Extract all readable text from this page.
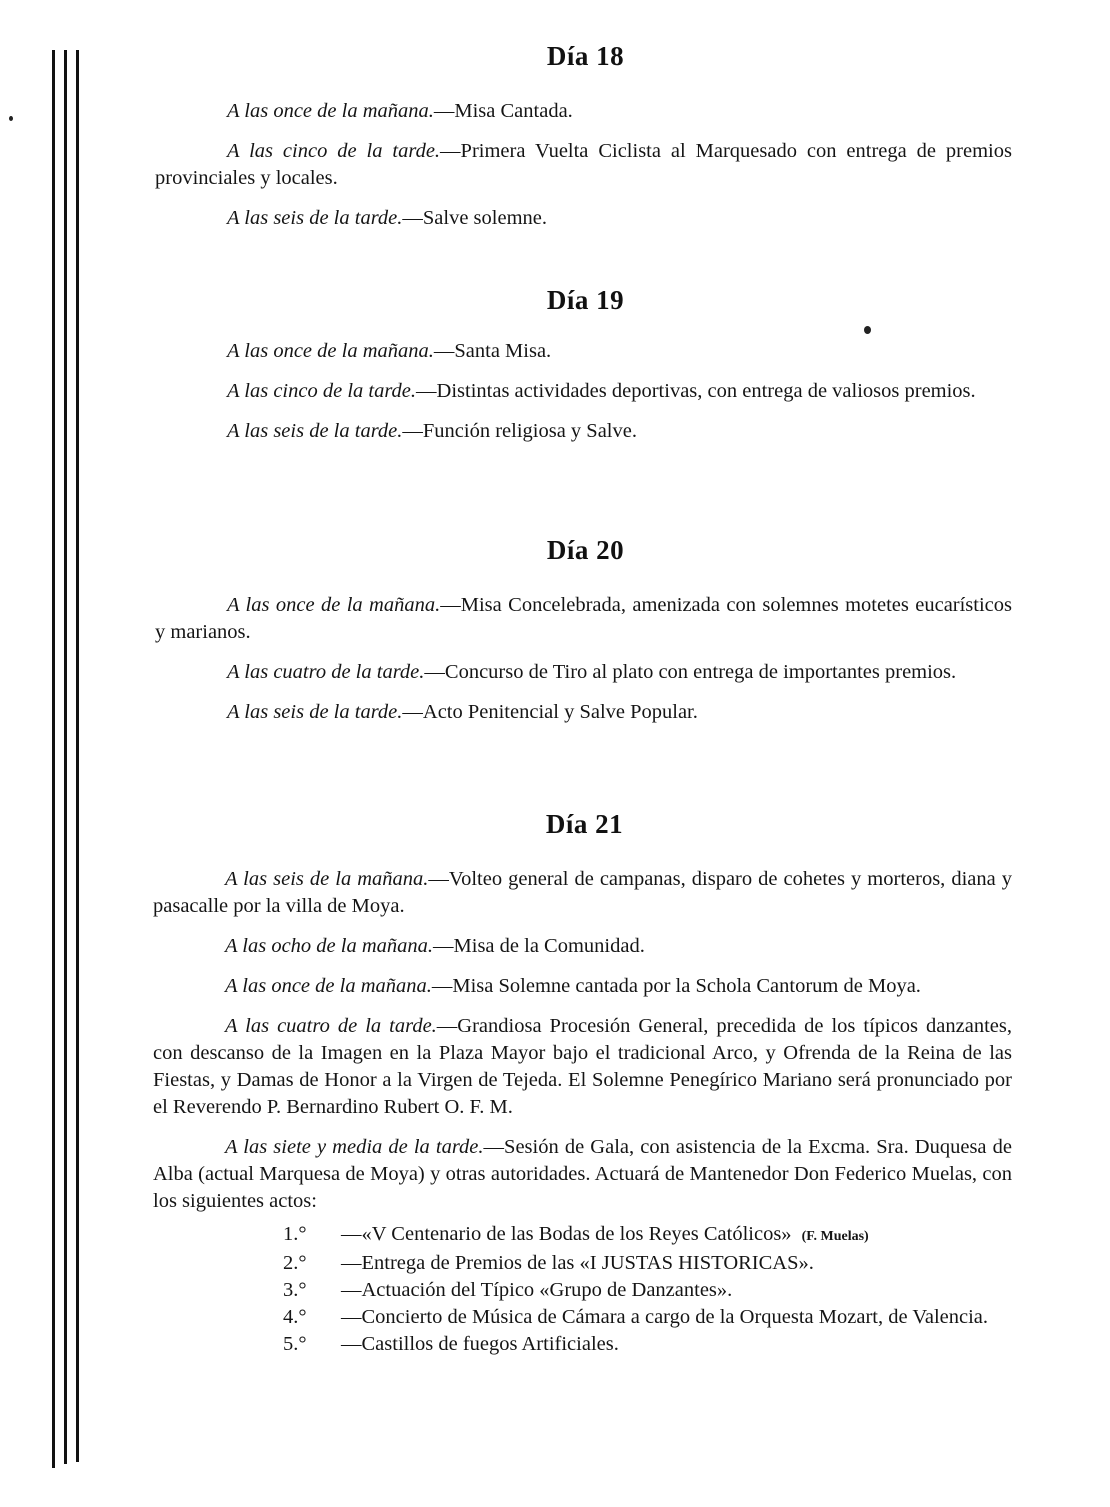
Día 18

A las once de la mañana.—Misa Cantada.

A las cinco de la tarde.—Primera Vuelta Ciclista al Marquesado con entrega de premios provinciales y locales.

A las seis de la tarde.—Salve solemne.

Día 19

A las once de la mañana.—Santa Misa.

A las cinco de la tarde.—Distintas actividades deportivas, con entrega de valiosos premios.

A las seis de la tarde.—Función religiosa y Salve.

Día 20

A las once de la mañana.—Misa Concelebrada, amenizada con solemnes motetes eucarísticos y marianos.

A las cuatro de la tarde.—Concurso de Tiro al plato con entrega de importantes premios.

A las seis de la tarde.—Acto Penitencial y Salve Popular.

Día 21

A las seis de la mañana.—Volteo general de campanas, disparo de cohetes y morteros, diana y pasacalle por la villa de Moya.

A las ocho de la mañana.—Misa de la Comunidad.

A las once de la mañana.—Misa Solemne cantada por la Schola Cantorum de Moya.

A las cuatro de la tarde.—Grandiosa Procesión General, precedida de los típicos danzantes, con descanso de la Imagen en la Plaza Mayor bajo el tradicional Arco, y Ofrenda de la Reina de las Fiestas, y Damas de Honor a la Virgen de Tejeda. El Solemne Penegírico Mariano será pronunciado por el Reverendo P. Bernardino Rubert O. F. M.

A las siete y media de la tarde.—Sesión de Gala, con asistencia de la Excma. Sra. Duquesa de Alba (actual Marquesa de Moya) y otras autoridades. Actuará de Mantenedor Don Federico Muelas, con los siguientes actos:

1.° —«V Centenario de las Bodas de los Reyes Católicos» (F. Muelas)
2.° —Entrega de Premios de las «I JUSTAS HISTORICAS».
3.° —Actuación del Típico «Grupo de Danzantes».
4.° —Concierto de Música de Cámara a cargo de la Orquesta Mozart, de Valencia.
5.° —Castillos de fuegos Artificiales.
